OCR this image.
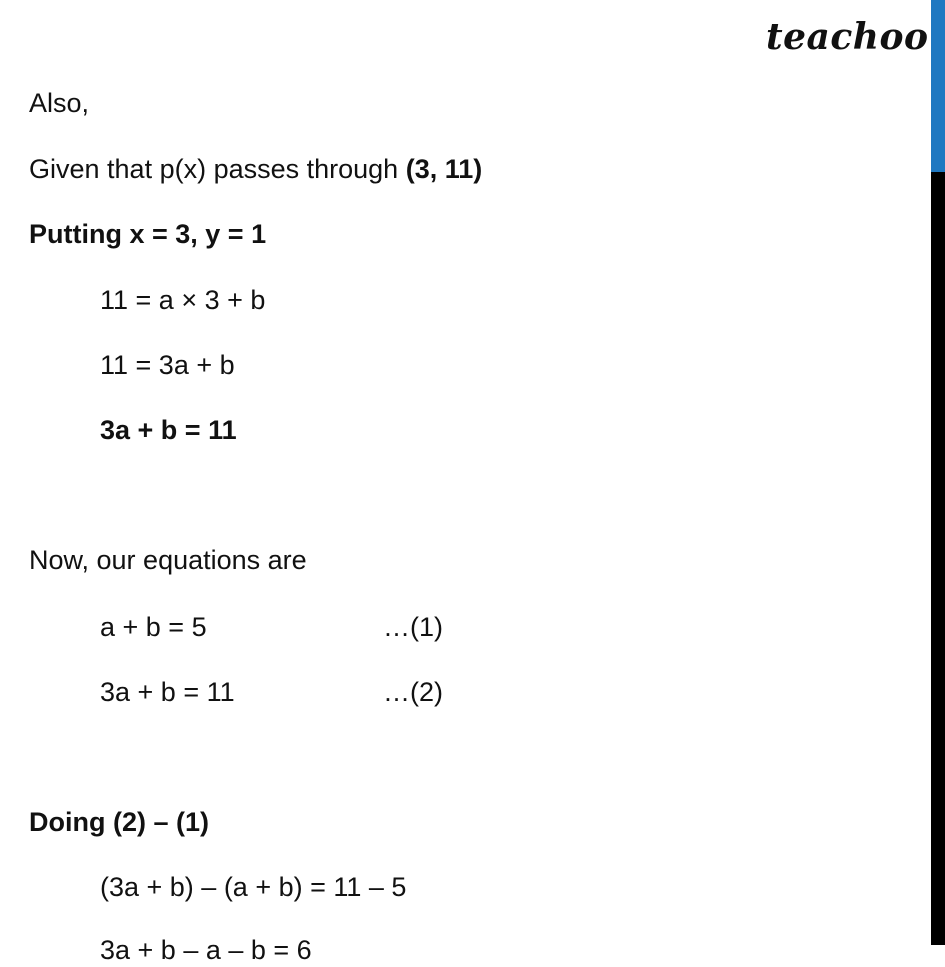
teachoo
Also,
Given that p(x) passes through (3, 11)
Putting x = 3, y = 1
11 = a × 3 + b
11 = 3a + b
3a + b = 11
Now, our equations are
a + b = 5	…(1)
3a + b = 11	…(2)
Doing (2) – (1)
(3a + b) – (a + b) = 11 – 5
3a + b – a – b = 6
